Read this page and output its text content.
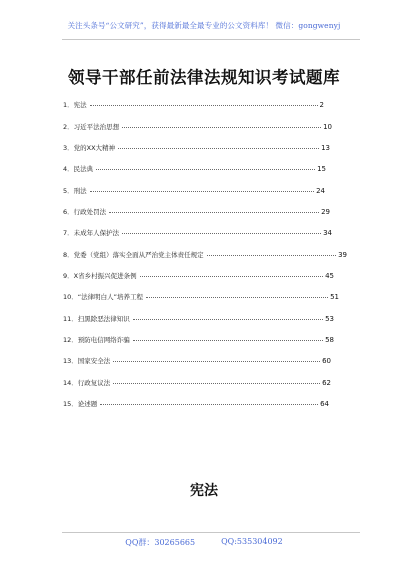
关注头条号“公文研究”，获得最新最全最专业的公文资料库！ 微信：gongwenyj
领导干部任前法律法规知识考试题库
1．宪法	2
2．习近平法治思想	10
3．党的XX大精神	13
4．民法典	15
5．刑法	24
6．行政处罚法	29
7．未成年人保护法	34
8．党委（党组）落实全面从严治党主体责任规定	39
9．X省乡村振兴促进条例	45
10．“法律明白人”培养工程	51
11．扫黑除恶法律知识	53
12．预防电信网络诈骗	58
13．国家安全法	60
14．行政复议法	62
15．论述题	64
宪法
QQ群：30265665	QQ:535304092
